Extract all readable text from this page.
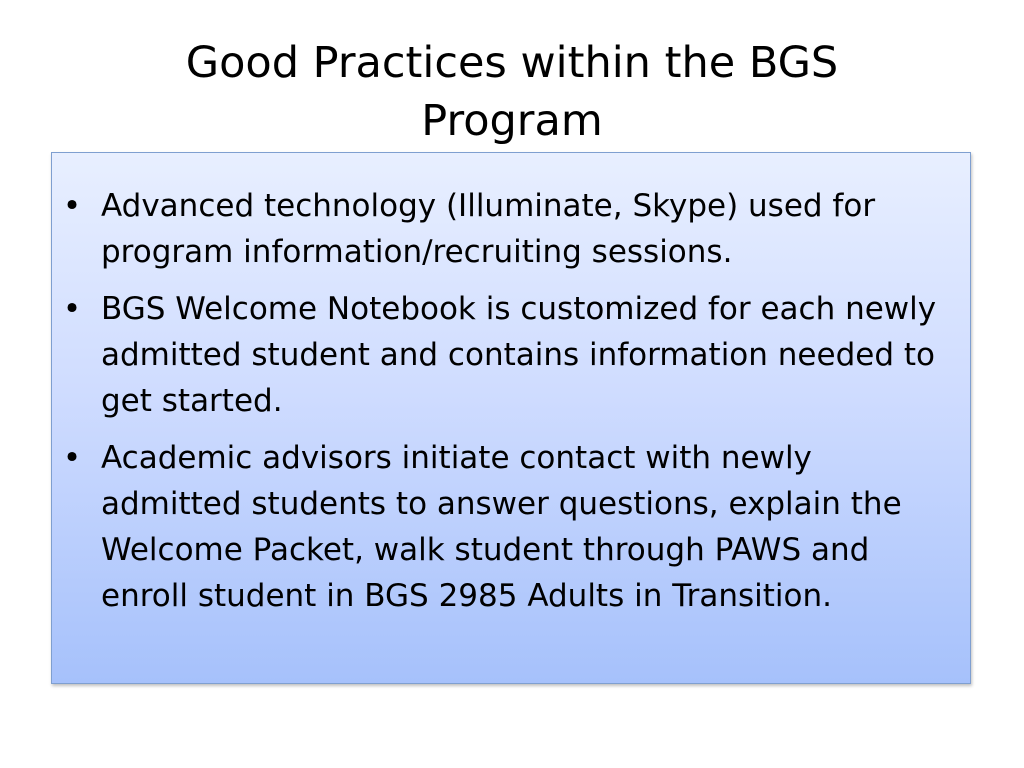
Good Practices within the BGS Program
• Advanced technology (Illuminate, Skype) used for program information/recruiting sessions.
• BGS Welcome Notebook is customized for each newly admitted student and contains information needed to get started.
• Academic advisors initiate contact with newly admitted students to answer questions, explain the Welcome Packet, walk student through PAWS and enroll student in BGS 2985 Adults in Transition.
